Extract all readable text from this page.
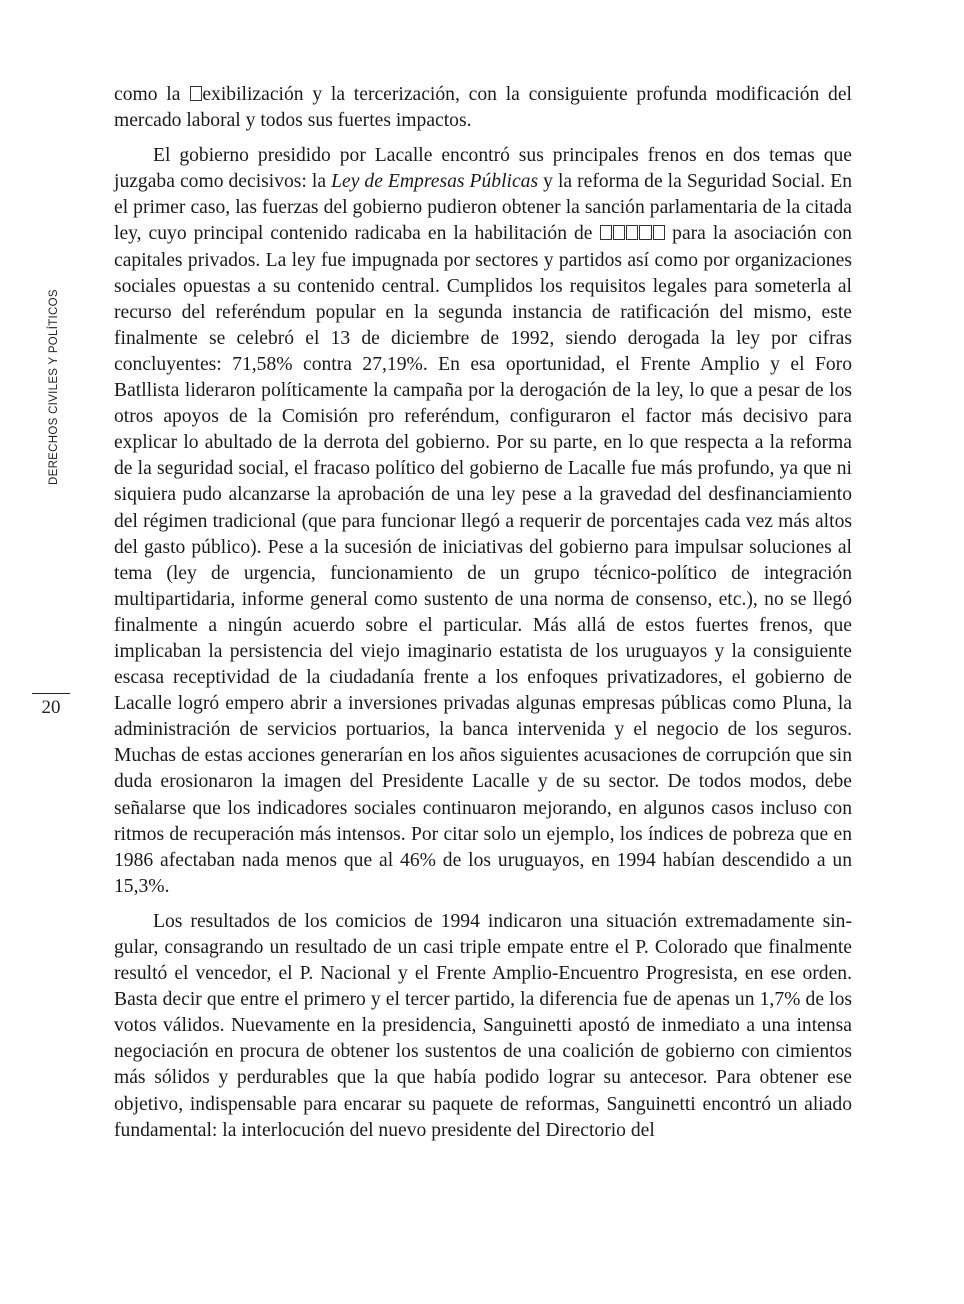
DERECHOS CIVILES Y POLÍTICOS
20

como la exibilización y la tercerización, con la consiguiente profunda modificación del mercado laboral y todos sus fuertes impactos.

El gobierno presidido por Lacalle encontró sus principales frenos en dos temas que juzgaba como decisivos: la Ley de Empresas Públicas y la reforma de la Seguridad Social. En el primer caso, las fuerzas del gobierno pudieron obtener la sanción parlamentaria de la citada ley, cuyo principal contenido radicaba en la habilitación de	para la asociación con capitales privados. La ley fue impugnada por sectores y partidos así como por organizaciones sociales opuestas a su contenido central. Cumplidos los requisitos legales para someterla al recurso del referéndum popular en la segunda instancia de ratificación del mismo, este finalmente se celebró el 13 de diciembre de 1992, siendo derogada la ley por cifras concluyentes: 71,58% contra 27,19%. En esa oportunidad, el Frente Amplio y el Foro Batllista lideraron políticamente la campaña por la derogación de la ley, lo que a pesar de los otros apoyos de la Comisión pro referéndum, configuraron el factor más decisivo para explicar lo abultado de la derrota del gobierno. Por su parte, en lo que respecta a la reforma de la seguridad social, el fracaso político del gobierno de Lacalle fue más profundo, ya que ni siquiera pudo alcanzarse la aprobación de una ley pese a la gravedad del desfinanciamiento del régimen tradicional (que para funcionar llegó a requerir de porcentajes cada vez más altos del gasto público). Pese a la sucesión de iniciativas del gobierno para impulsar soluciones al tema (ley de urgencia, funcionamiento de un grupo técnico-político de integración multipartidaria, informe general como sustento de una norma de consenso, etc.), no se llegó finalmente a ningún acuerdo sobre el particular. Más allá de estos fuertes frenos, que implicaban la persistencia del viejo imaginario estatista de los uruguayos y la consiguiente escasa receptividad de la ciudadanía frente a los enfoques privatizadores, el gobierno de Lacalle logró empero abrir a inversiones privadas algunas empresas públicas como Pluna, la administración de servicios portuarios, la banca intervenida y el negocio de los seguros. Muchas de estas acciones generarían en los años siguientes acusaciones de corrupción que sin duda erosionaron la imagen del Presidente Lacalle y de su sector. De todos modos, debe señalarse que los indicadores sociales continuaron mejorando, en algunos casos incluso con ritmos de recuperación más intensos. Por citar solo un ejemplo, los índices de pobreza que en 1986 afectaban nada menos que al 46% de los uruguayos, en 1994 habían descendido a un 15,3%.

Los resultados de los comicios de 1994 indicaron una situación extremadamente singular, consagrando un resultado de un casi triple empate entre el P. Colorado que finalmente resultó el vencedor, el P. Nacional y el Frente Amplio-Encuentro Progresista, en ese orden. Basta decir que entre el primero y el tercer partido, la diferencia fue de apenas un 1,7% de los votos válidos. Nuevamente en la presidencia, Sanguinetti apostó de inmediato a una intensa negociación en procura de obtener los sustentos de una coalición de gobierno con cimientos más sólidos y perdurables que la que había podido lograr su antecesor. Para obtener ese objetivo, indispensable para encarar su paquete de reformas, Sanguinetti encontró un aliado fundamental: la interlocución del nuevo presidente del Directorio del
